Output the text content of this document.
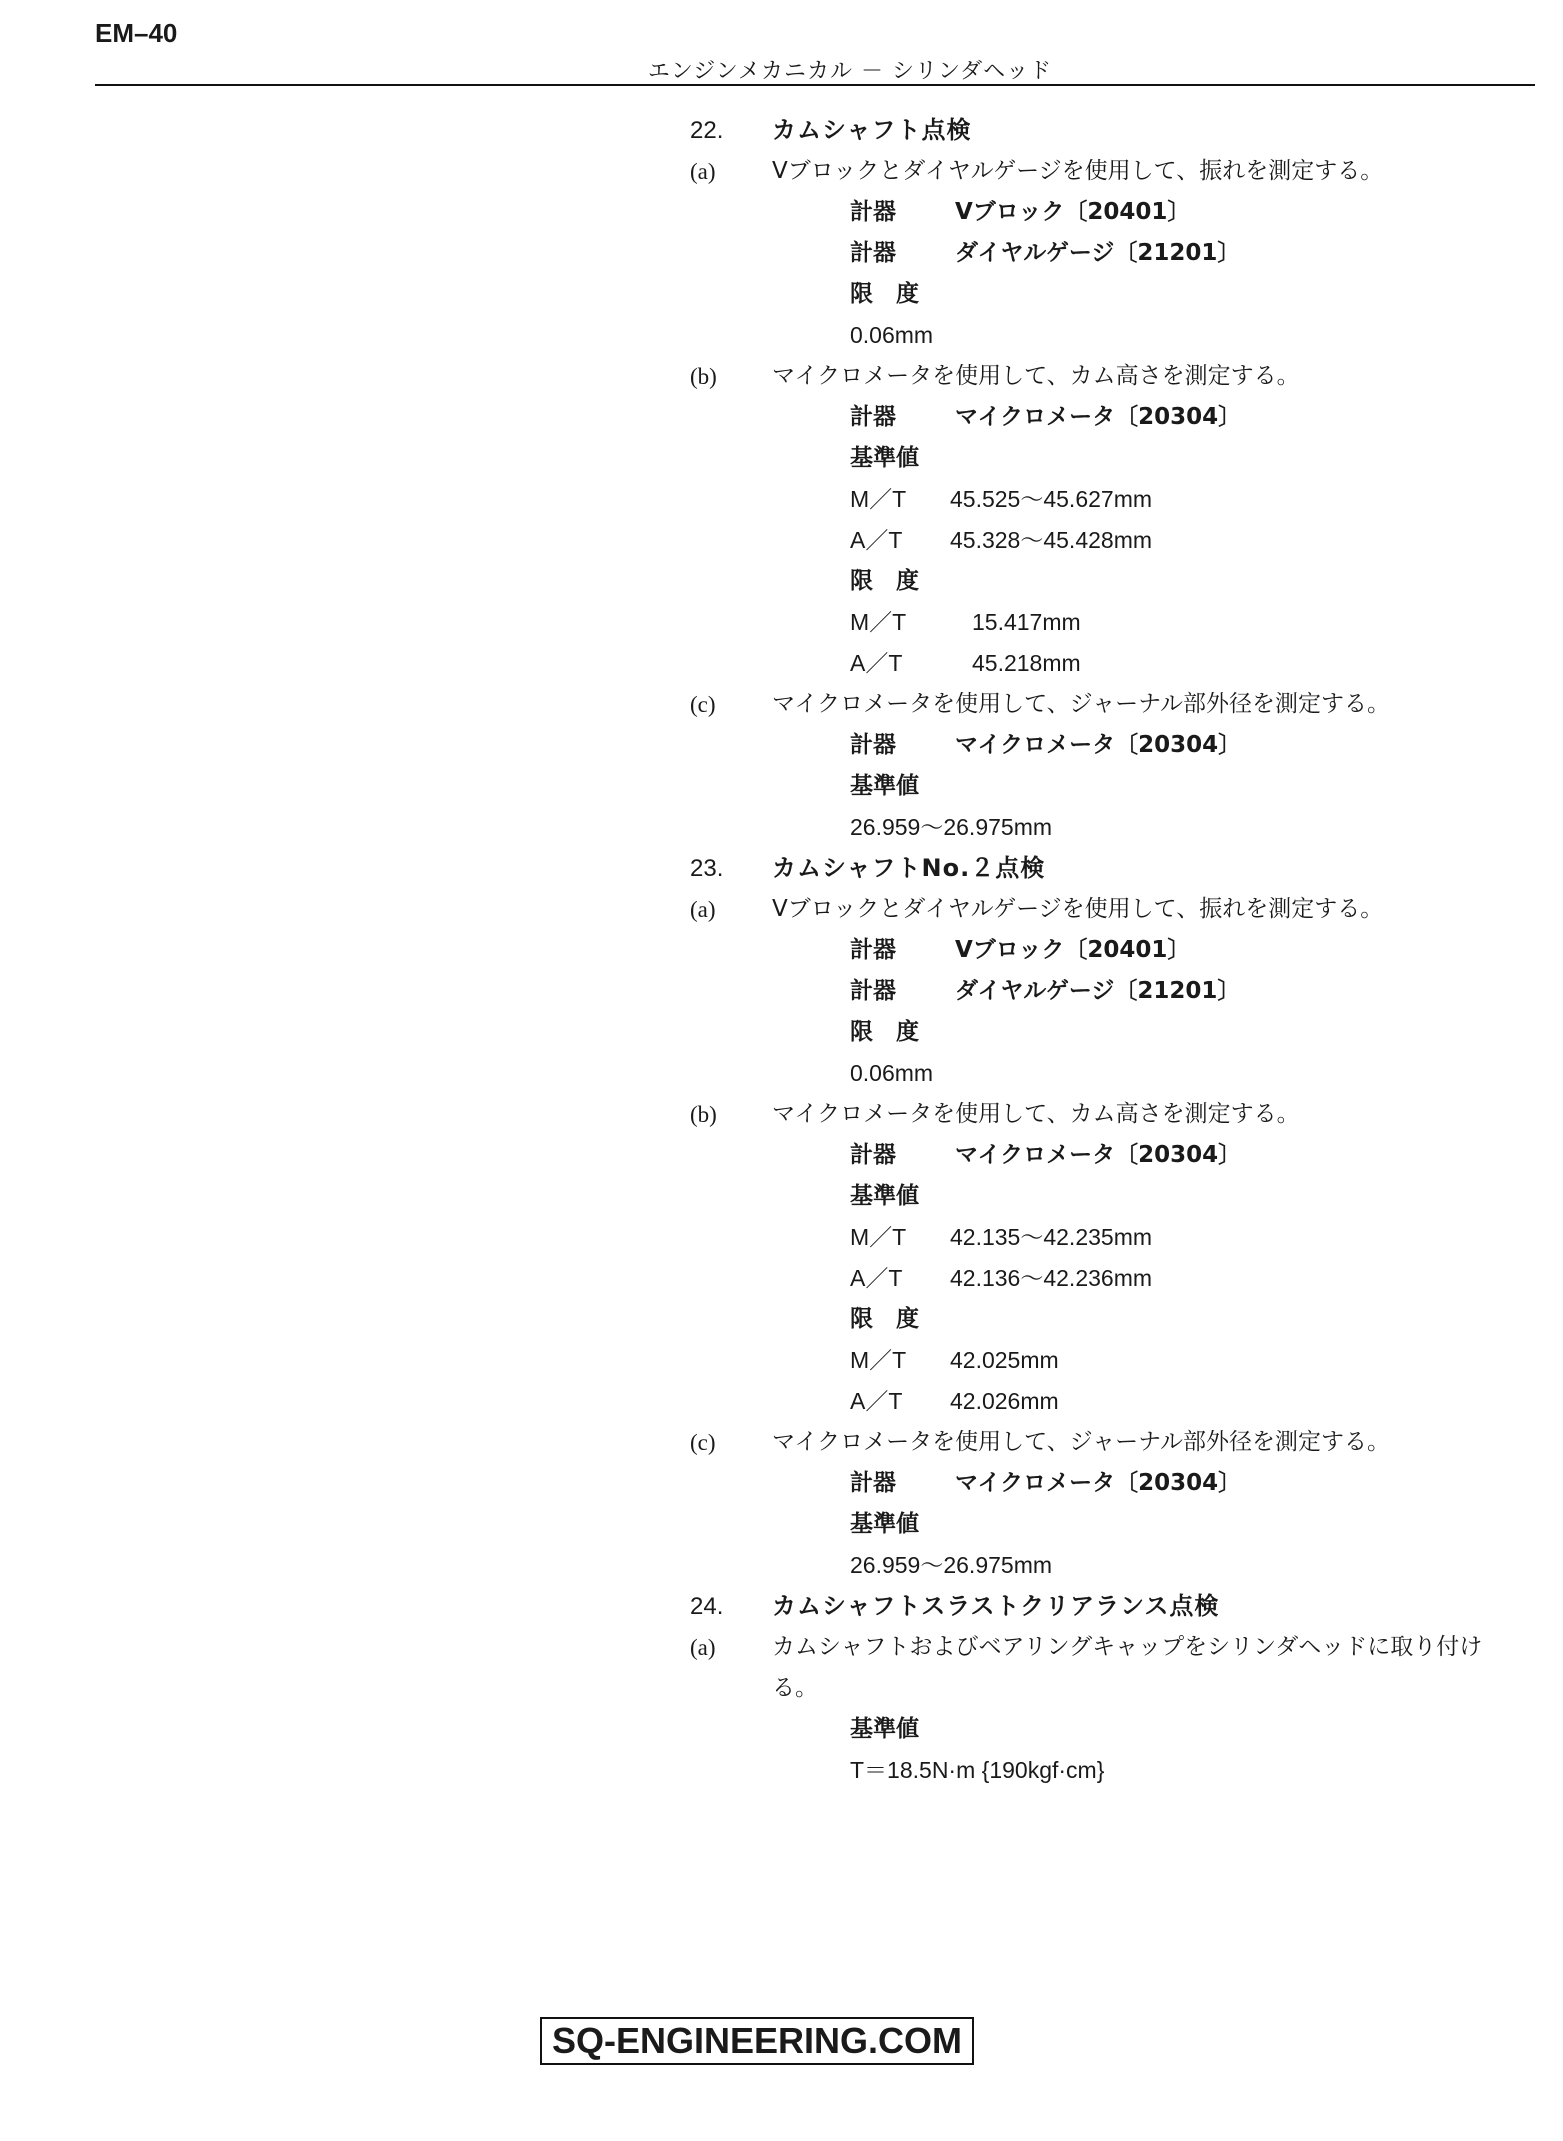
EM–40
エンジンメカニカル － シリンダヘッド
22. カムシャフト点検
(a) Vブロックとダイヤルゲージを使用して、振れを測定する。
計器	Vブロック〔20401〕
計器	ダイヤルゲージ〔21201〕
限　度
0.06mm
(b) マイクロメータを使用して、カム高さを測定する。
計器	マイクロメータ〔20304〕
基準値
M／T 45.525～45.627mm
A／T 45.328～45.428mm
限　度
M／T	15.417mm
A／T	45.218mm
(c) マイクロメータを使用して、ジャーナル部外径を測定する。
計器	マイクロメータ〔20304〕
基準値
26.959～26.975mm
23. カムシャフトNo.２点検
(a) Vブロックとダイヤルゲージを使用して、振れを測定する。
計器	Vブロック〔20401〕
計器	ダイヤルゲージ〔21201〕
限　度
0.06mm
(b) マイクロメータを使用して、カム高さを測定する。
計器	マイクロメータ〔20304〕
基準値
M／T 42.135～42.235mm
A／T 42.136～42.236mm
限　度
M／T 42.025mm
A／T 42.026mm
(c) マイクロメータを使用して、ジャーナル部外径を測定する。
計器	マイクロメータ〔20304〕
基準値
26.959～26.975mm
24. カムシャフトスラストクリアランス点検
(a) カムシャフトおよびベアリングキャップをシリンダヘッドに取り付け
る。
基準値
T＝18.5N·m {190kgf·cm}
SQ-ENGINEERING.COM
